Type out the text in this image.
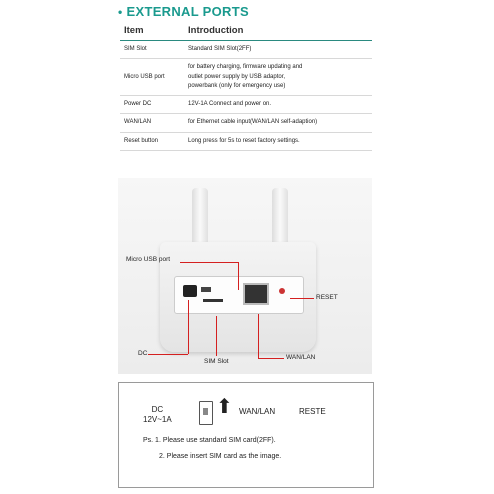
• EXTERNAL PORTS
Item	Introduction
SIM Slot	Standard SIM Slot(2FF)

Micro USB port	for battery charging, firmware updating and
outlet power supply by USB adaptor,
powerbank (only for emergency use)

Power DC	12V-1A Connect and power on.

WAN/LAN	for Ethernet cable input(WAN/LAN self-adaption)

Reset button	Long press for 5s to reset factory settings.
Micro USB port
RESET
DC
SIM Slot
WAN/LAN
DC
12V~1A
⬆ WAN/LAN	RESTE
Ps. 1. Please use standard SIM card(2FF).
2. Please insert SIM card as the image.
